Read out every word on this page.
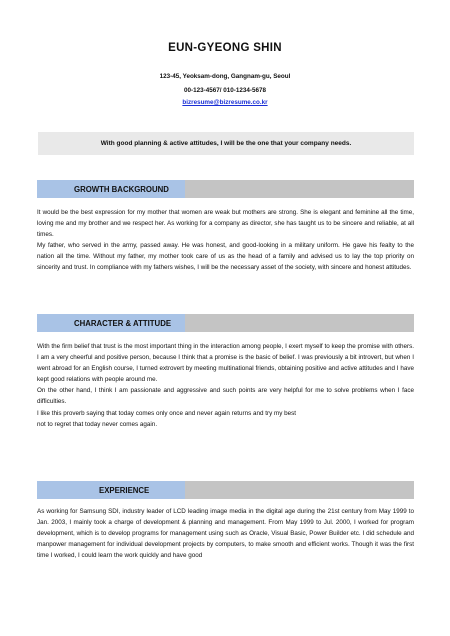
EUN-GYEONG SHIN
123-45, Yeoksam-dong, Gangnam-gu, Seoul
00-123-4567/ 010-1234-5678
bizresume@bizresume.co.kr
With good planning & active attitudes, I will be the one that your company needs.
GROWTH BACKGROUND

It would be the best expression for my mother that women are weak but mothers are strong. She is elegant and feminine all the time, loving me and my brother and we respect her. As working for a company as director, she has taught us to be sincere and reliable, at all times.

My father, who served in the army, passed away. He was honest, and good-looking in a military uniform. He gave his fealty to the nation all the time. Without my father, my mother took care of us as the head of a family and advised us to lay the top priority on sincerity and trust. In compliance with my fathers wishes, I will be the necessary asset of the society, with sincere and honest attitudes.

CHARACTER & ATTITUDE

With the firm belief that trust is the most important thing in the interaction among people, I exert myself to keep the promise with others. I am a very cheerful and positive person, because I think that a promise is the basic of belief. I was previously a bit introvert, but when I went abroad for an English course, I turned extrovert by meeting multinational friends, obtaining positive and active attitudes and I have kept good relations with people around me.

On the other hand, I think I am passionate and aggressive and such points are very helpful for me to solve problems when I face difficulties.

I like this proverb saying that today comes only once and never again returns and try my best

not to regret that today never comes again.

EXPERIENCE

As working for Samsung SDI, industry leader of LCD leading image media in the digital age during the 21st century from May 1999 to Jan. 2003, I mainly took a charge of development & planning and management. From May 1999 to Jul. 2000, I worked for program development, which is to develop programs for management using such as Oracle, Visual Basic, Power Builder etc. I did schedule and manpower management for individual development projects by computers, to make smooth and efficient works. Though it was the first time I worked, I could learn the work quickly and have good
